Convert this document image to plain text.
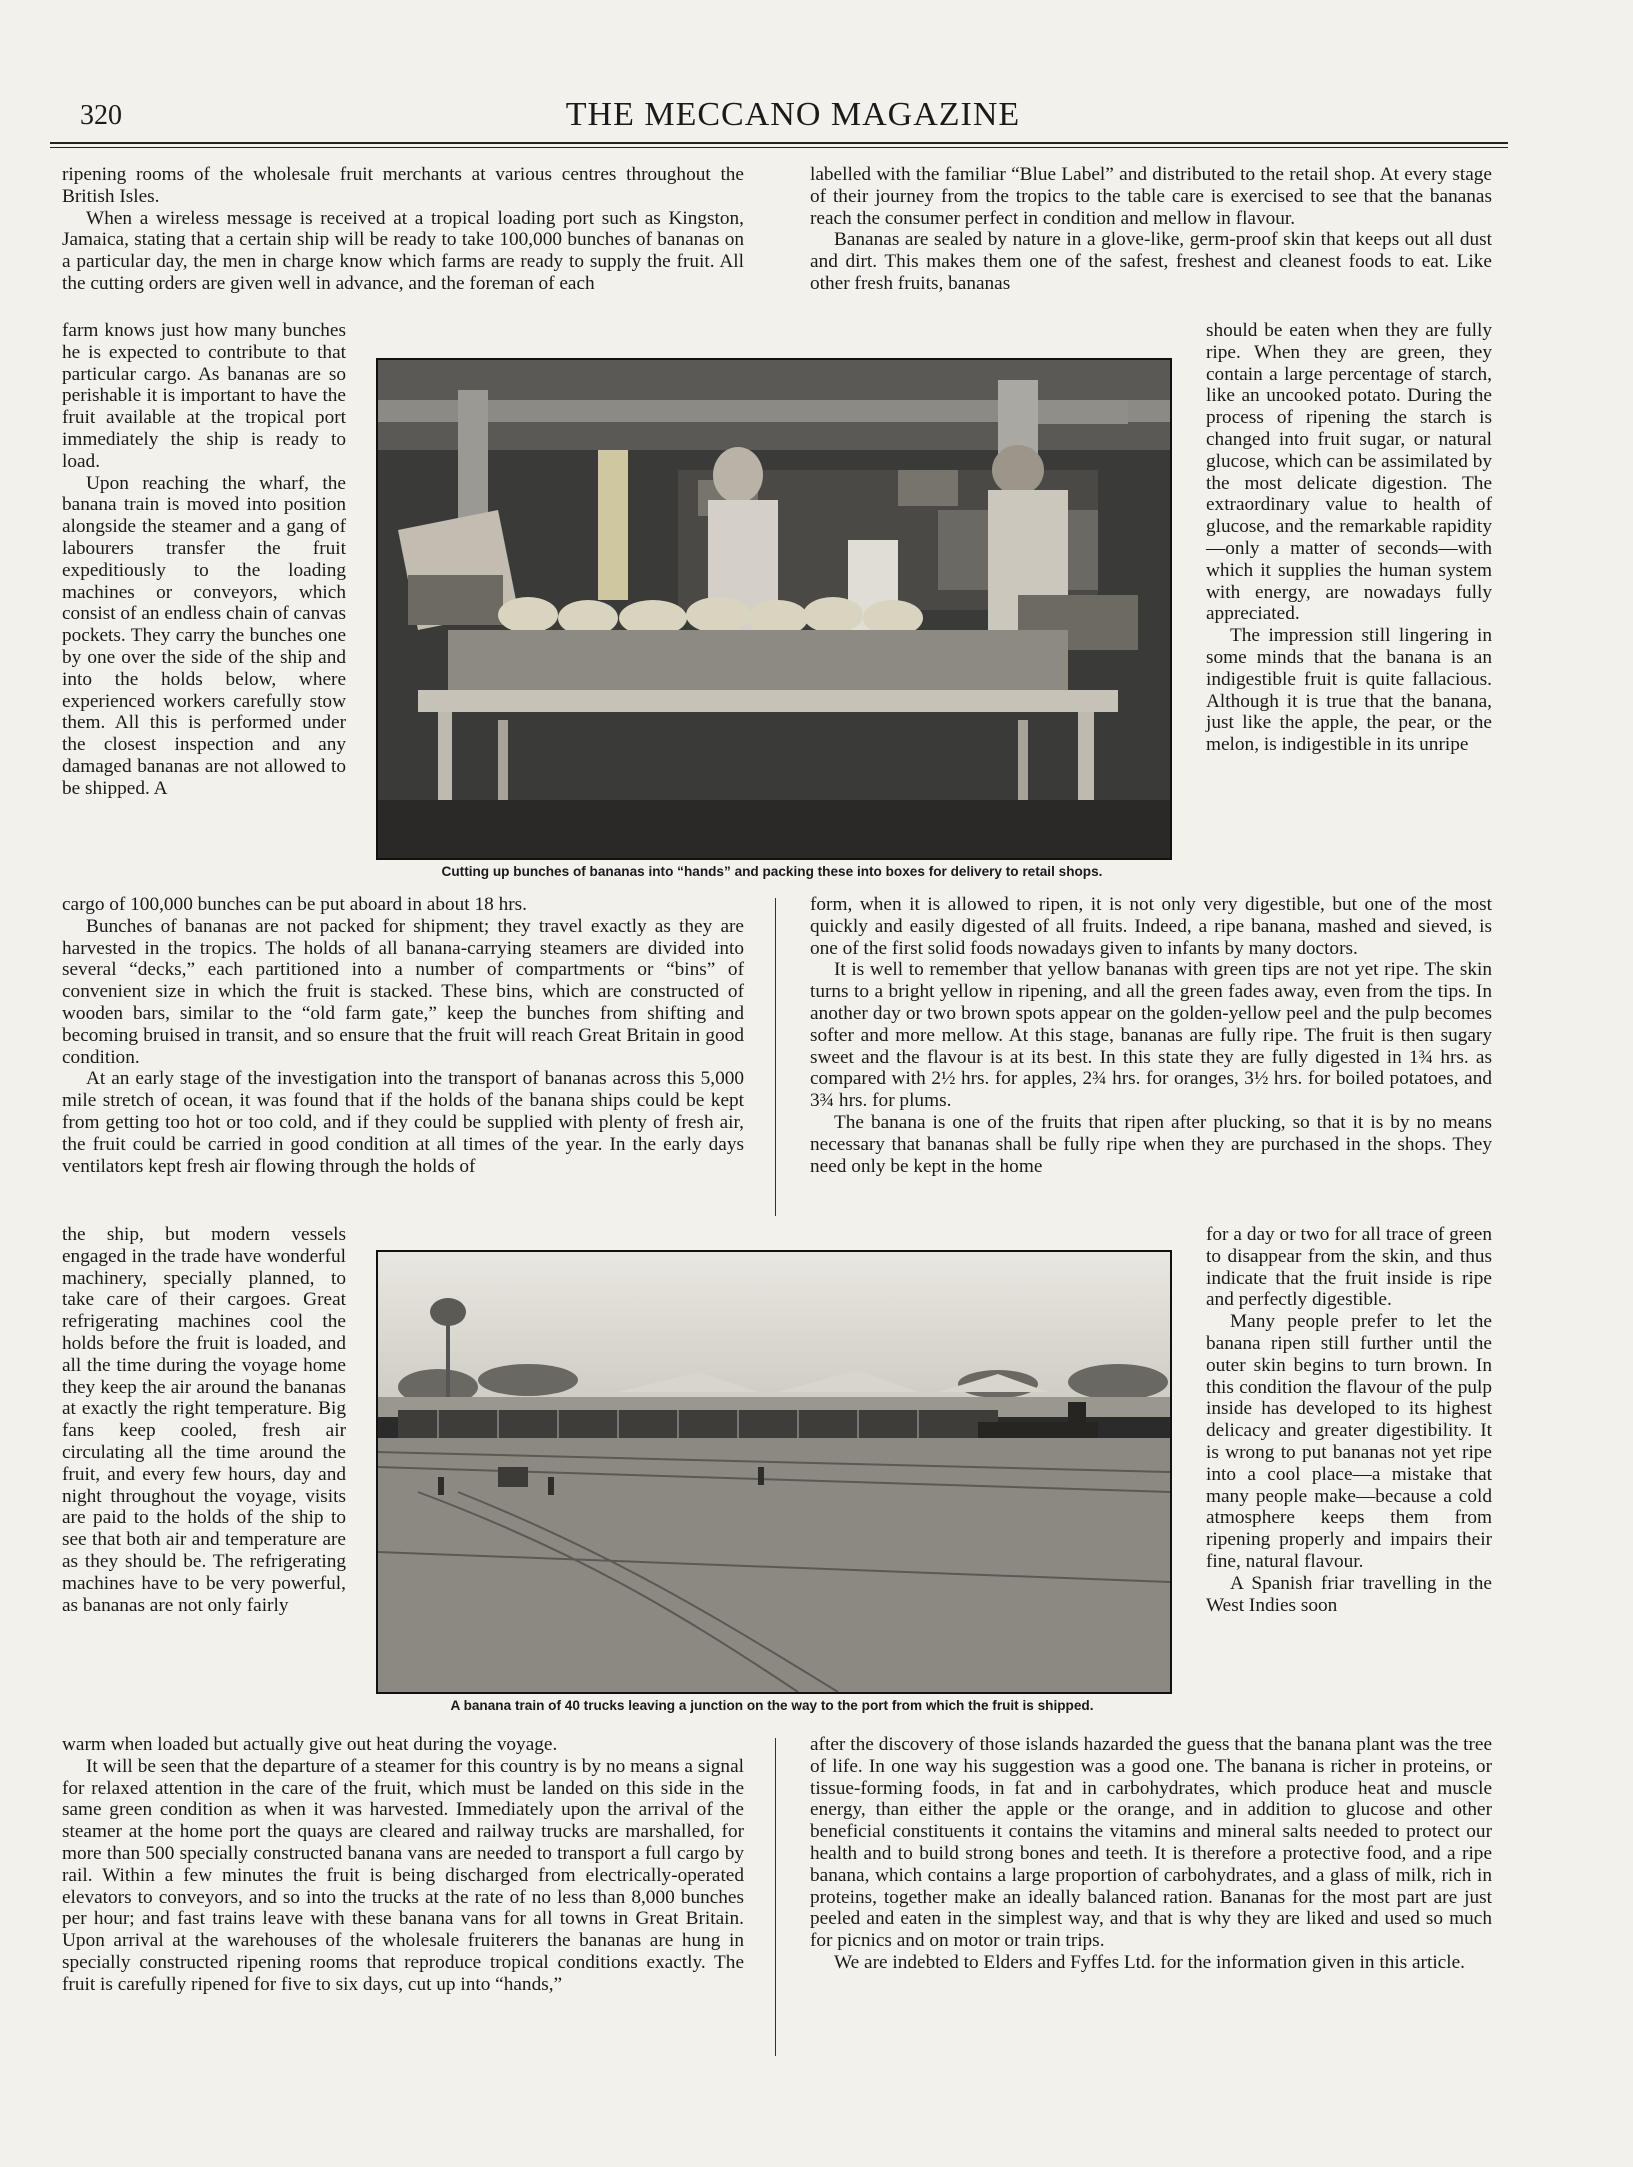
320	THE MECCANO MAGAZINE

ripening rooms of the wholesale fruit merchants at various centres throughout the British Isles.

When a wireless message is received at a tropical loading port such as Kingston, Jamaica, stating that a certain ship will be ready to take 100,000 bunches of bananas on a particular day, the men in charge know which farms are ready to supply the fruit. All the cutting orders are given well in advance, and the foreman of each

farm knows just how many bunches he is expected to contribute to that particular cargo. As bananas are so perishable it is important to have the fruit available at the tropical port immediately the ship is ready to load.

Upon reaching the wharf, the banana train is moved into position alongside the steamer and a gang of labourers transfer the fruit expeditiously to the loading machines or conveyors, which consist of an endless chain of canvas pockets. They carry the bunches one by one over the side of the ship and into the holds below, where experienced workers carefully stow them. All this is performed under the closest inspection and any damaged bananas are not allowed to be shipped. A

cargo of 100,000 bunches can be put aboard in about 18 hrs.

Bunches of bananas are not packed for shipment; they travel exactly as they are harvested in the tropics. The holds of all banana-carrying steamers are divided into several “decks,” each partitioned into a number of compartments or “bins” of convenient size in which the fruit is stacked. These bins, which are constructed of wooden bars, similar to the “old farm gate,” keep the bunches from shifting and becoming bruised in transit, and so ensure that the fruit will reach Great Britain in good condition.

At an early stage of the investigation into the transport of bananas across this 5,000 mile stretch of ocean, it was found that if the holds of the banana ships could be kept from getting too hot or too cold, and if they could be supplied with plenty of fresh air, the fruit could be carried in good condition at all times of the year. In the early days ventilators kept fresh air flowing through the holds of

the ship, but modern vessels engaged in the trade have wonderful machinery, specially planned, to take care of their cargoes. Great refrigerating machines cool the holds before the fruit is loaded, and all the time during the voyage home they keep the air around the bananas at exactly the right temperature. Big fans keep cooled, fresh air circulating all the time around the fruit, and every few hours, day and night throughout the voyage, visits are paid to the holds of the ship to see that both air and temperature are as they should be. The refrigerating machines have to be very powerful, as bananas are not only fairly

warm when loaded but actually give out heat during the voyage.

It will be seen that the departure of a steamer for this country is by no means a signal for relaxed attention in the care of the fruit, which must be landed on this side in the same green condition as when it was harvested. Immediately upon the arrival of the steamer at the home port the quays are cleared and railway trucks are marshalled, for more than 500 specially constructed banana vans are needed to transport a full cargo by rail. Within a few minutes the fruit is being discharged from electrically-operated elevators to conveyors, and so into the trucks at the rate of no less than 8,000 bunches per hour; and fast trains leave with these banana vans for all towns in Great Britain. Upon arrival at the warehouses of the wholesale fruiterers the bananas are hung in specially constructed ripening rooms that reproduce tropical conditions exactly. The fruit is carefully ripened for five to six days, cut up into “hands,”

labelled with the familiar “Blue Label” and distributed to the retail shop. At every stage of their journey from the tropics to the table care is exercised to see that the bananas reach the consumer perfect in condition and mellow in flavour.

Bananas are sealed by nature in a glove-like, germ-proof skin that keeps out all dust and dirt. This makes them one of the safest, freshest and cleanest foods to eat. Like other fresh fruits, bananas

should be eaten when they are fully ripe. When they are green, they contain a large percentage of starch, like an uncooked potato. During the process of ripening the starch is changed into fruit sugar, or natural glucose, which can be assimilated by the most delicate digestion. The extraordinary value to health of glucose, and the remarkable rapidity—only a matter of seconds—with which it supplies the human system with energy, are nowadays fully appreciated.

The impression still lingering in some minds that the banana is an indigestible fruit is quite fallacious. Although it is true that the banana, just like the apple, the pear, or the melon, is indigestible in its unripe

form, when it is allowed to ripen, it is not only very digestible, but one of the most quickly and easily digested of all fruits. Indeed, a ripe banana, mashed and sieved, is one of the first solid foods nowadays given to infants by many doctors.

It is well to remember that yellow bananas with green tips are not yet ripe. The skin turns to a bright yellow in ripening, and all the green fades away, even from the tips. In another day or two brown spots appear on the golden-yellow peel and the pulp becomes softer and more mellow. At this stage, bananas are fully ripe. The fruit is then sugary sweet and the flavour is at its best. In this state they are fully digested in 1¾ hrs. as compared with 2½ hrs. for apples, 2¾ hrs. for oranges, 3½ hrs. for boiled potatoes, and 3¾ hrs. for plums.

The banana is one of the fruits that ripen after plucking, so that it is by no means necessary that bananas shall be fully ripe when they are purchased in the shops. They need only be kept in the home

for a day or two for all trace of green to disappear from the skin, and thus indicate that the fruit inside is ripe and perfectly digestible.

Many people prefer to let the banana ripen still further until the outer skin begins to turn brown. In this condition the flavour of the pulp inside has developed to its highest delicacy and greater digestibility. It is wrong to put bananas not yet ripe into a cool place—a mistake that many people make—because a cold atmosphere keeps them from ripening properly and impairs their fine, natural flavour.

A Spanish friar travelling in the West Indies soon

after the discovery of those islands hazarded the guess that the banana plant was the tree of life. In one way his suggestion was a good one. The banana is richer in proteins, or tissue-forming foods, in fat and in carbohydrates, which produce heat and muscle energy, than either the apple or the orange, and in addition to glucose and other beneficial constituents it contains the vitamins and mineral salts needed to protect our health and to build strong bones and teeth. It is therefore a protective food, and a ripe banana, which contains a large proportion of carbohydrates, and a glass of milk, rich in proteins, together make an ideally balanced ration. Bananas for the most part are just peeled and eaten in the simplest way, and that is why they are liked and used so much for picnics and on motor or train trips.

We are indebted to Elders and Fyffes Ltd. for the information given in this article.

Cutting up bunches of bananas into “hands” and packing these into boxes for delivery to retail shops.
A banana train of 40 trucks leaving a junction on the way to the port from which the fruit is shipped.
